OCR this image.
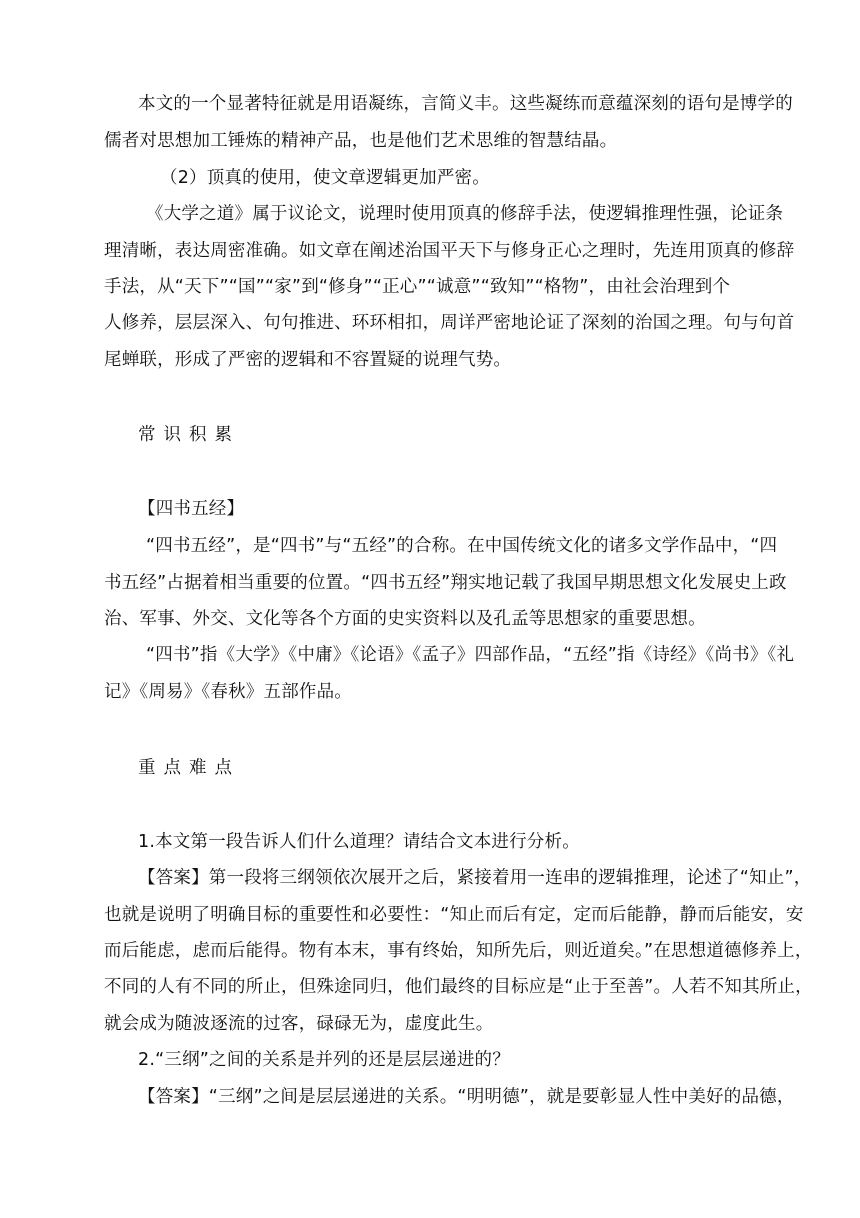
本文的一个显著特征就是用语凝练，言简义丰。这些凝练而意蕴深刻的语句是博学的
儒者对思想加工锤炼的精神产品，也是他们艺术思维的智慧结晶。
（2）顶真的使用，使文章逻辑更加严密。
《大学之道》属于议论文，说理时使用顶真的修辞手法，使逻辑推理性强，论证条
理清晰，表达周密准确。如文章在阐述治国平天下与修身正心之理时，先连用顶真的修辞
手法，从“天下”“国”“家”到“修身”“正心”“诚意”“致知”“格物”，由社会治理到个
人修养，层层深入、句句推进、环环相扣，周详严密地论证了深刻的治国之理。句与句首
尾蝉联，形成了严密的逻辑和不容置疑的说理气势。
常识积累
【四书五经】
“四书五经”，是“四书”与“五经”的合称。在中国传统文化的诸多文学作品中，“四
书五经”占据着相当重要的位置。“四书五经”翔实地记载了我国早期思想文化发展史上政
治、军事、外交、文化等各个方面的史实资料以及孔孟等思想家的重要思想。
“四书”指《大学》《中庸》《论语》《孟子》四部作品，“五经”指《诗经》《尚书》《礼
记》《周易》《春秋》五部作品。
重点难点
1.本文第一段告诉人们什么道理？请结合文本进行分析。
【答案】第一段将三纲领依次展开之后，紧接着用一连串的逻辑推理，论述了“知止”，
也就是说明了明确目标的重要性和必要性：“知止而后有定，定而后能静，静而后能安，安
而后能虑，虑而后能得。物有本末，事有终始，知所先后，则近道矣。”在思想道德修养上，
不同的人有不同的所止，但殊途同归，他们最终的目标应是“止于至善”。人若不知其所止，
就会成为随波逐流的过客，碌碌无为，虚度此生。
2.“三纲”之间的关系是并列的还是层层递进的？
【答案】“三纲”之间是层层递进的关系。“明明德”，就是要彰显人性中美好的品德，
